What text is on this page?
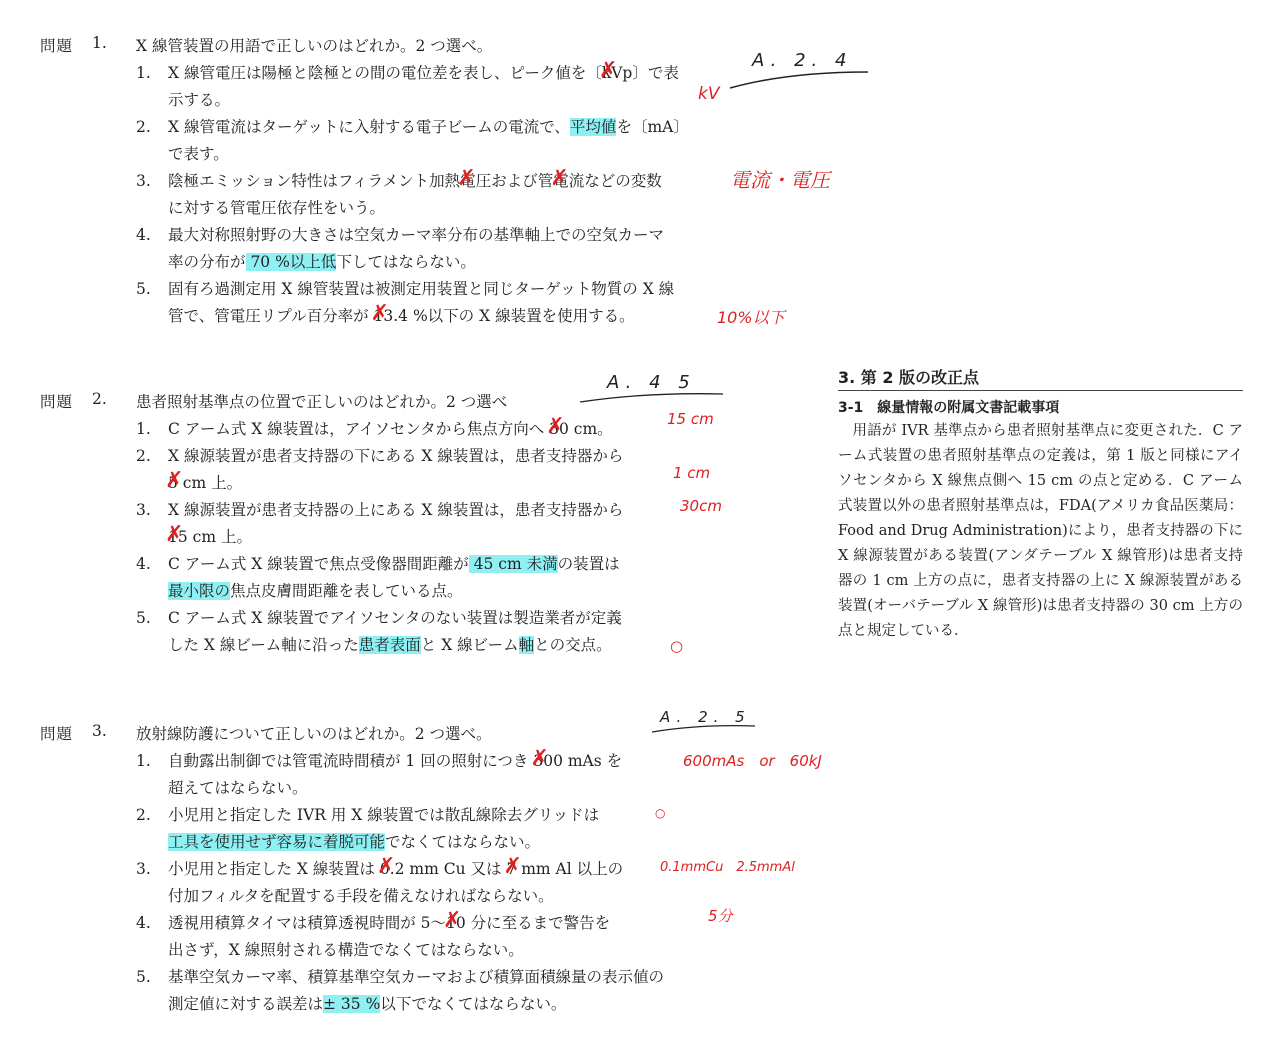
問題 1. X 線管装置の用語で正しいのはどれか。2 つ選べ。
1. X 線管電圧は陽極と陰極との間の電位差を表し、ピーク値を〔kVp ✗〕で表
示する。
2. X 線管電流はターゲットに入射する電子ビームの電流で、平均値を〔mA〕
で表す。
3. 陰極エミッション特性はフィラメント加熱電圧 ✗および管電流 ✗などの変数
に対する管電圧依存性をいう。
4. 最大対称照射野の大きさは空気カーマ率分布の基準軸上での空気カーマ
率の分布が 70 %以上低下してはならない。
5. 固有ろ過測定用 X 線管装置は被測定用装置と同じターゲット物質の X 線
管で、管電圧リプル百分率が 13 ✗.4 %以下の X 線装置を使用する。
A. 2. 4
kV
電流・電圧
10%以下
問題 2. 患者照射基準点の位置で正しいのはどれか。2 つ選べ
1. C アーム式 X 線装置は，アイソセンタから焦点方向へ 30 ✗ cm。
2. X 線源装置が患者支持器の下にある X 線装置は，患者支持器から
5 ✗ cm 上。
3. X 線源装置が患者支持器の上にある X 線装置は，患者支持器から
15 ✗ cm 上。
4. C アーム式 X 線装置で焦点受像器間距離が 45 cm 未満の装置は
最小限の焦点皮膚間距離を表している点。
5. C アーム式 X 線装置でアイソセンタのない装置は製造業者が定義
した X 線ビーム軸に沿った患者表面と X 線ビーム軸との交点。
A. 4 5
15 cm
1 cm
30cm
○
問題 3. 放射線防護について正しいのはどれか。2 つ選べ。
1. 自動露出制御では管電流時間積が 1 回の照射につき 300 ✗ mAs を
超えてはならない。
2. 小児用と指定した IVR 用 X 線装置では散乱線除去グリッドは
工具を使用せず容易に着脱可能でなくてはならない。
3. 小児用と指定した X 線装置は 0.2 ✗ mm Cu 又は 7 ✗ mm Al 以上の
付加フィルタを配置する手段を備えなければならない。
4. 透視用積算タイマは積算透視時間が 5〜10 ✗ 分に至るまで警告を
出さず，X 線照射される構造でなくてはならない。
5. 基準空気カーマ率、積算基準空気カーマおよび積算面積線量の表示値の
測定値に対する誤差は± 35 %以下でなくてはならない。
A. 2. 5
600mAs　or　60kJ
○
0.1mmCu　2.5mmAl
5分
3. 第 2 版の改正点
3-1　線量情報の附属文書記載事項
用語が IVR 基準点から患者照射基準点に変更された．C アーム式装置の患者照射基準点の定義は，第 1 版と同様にアイソセンタから X 線焦点側へ 15 cm の点と定める．C アーム式装置以外の患者照射基準点は，FDA(アメリカ食品医薬局：Food and Drug Administration)により，患者支持器の下に X 線源装置がある装置(アンダテーブル X 線管形)は患者支持器の 1 cm 上方の点に，患者支持器の上に X 線源装置がある装置(オーバテーブル X 線管形)は患者支持器の 30 cm 上方の点と規定している．
